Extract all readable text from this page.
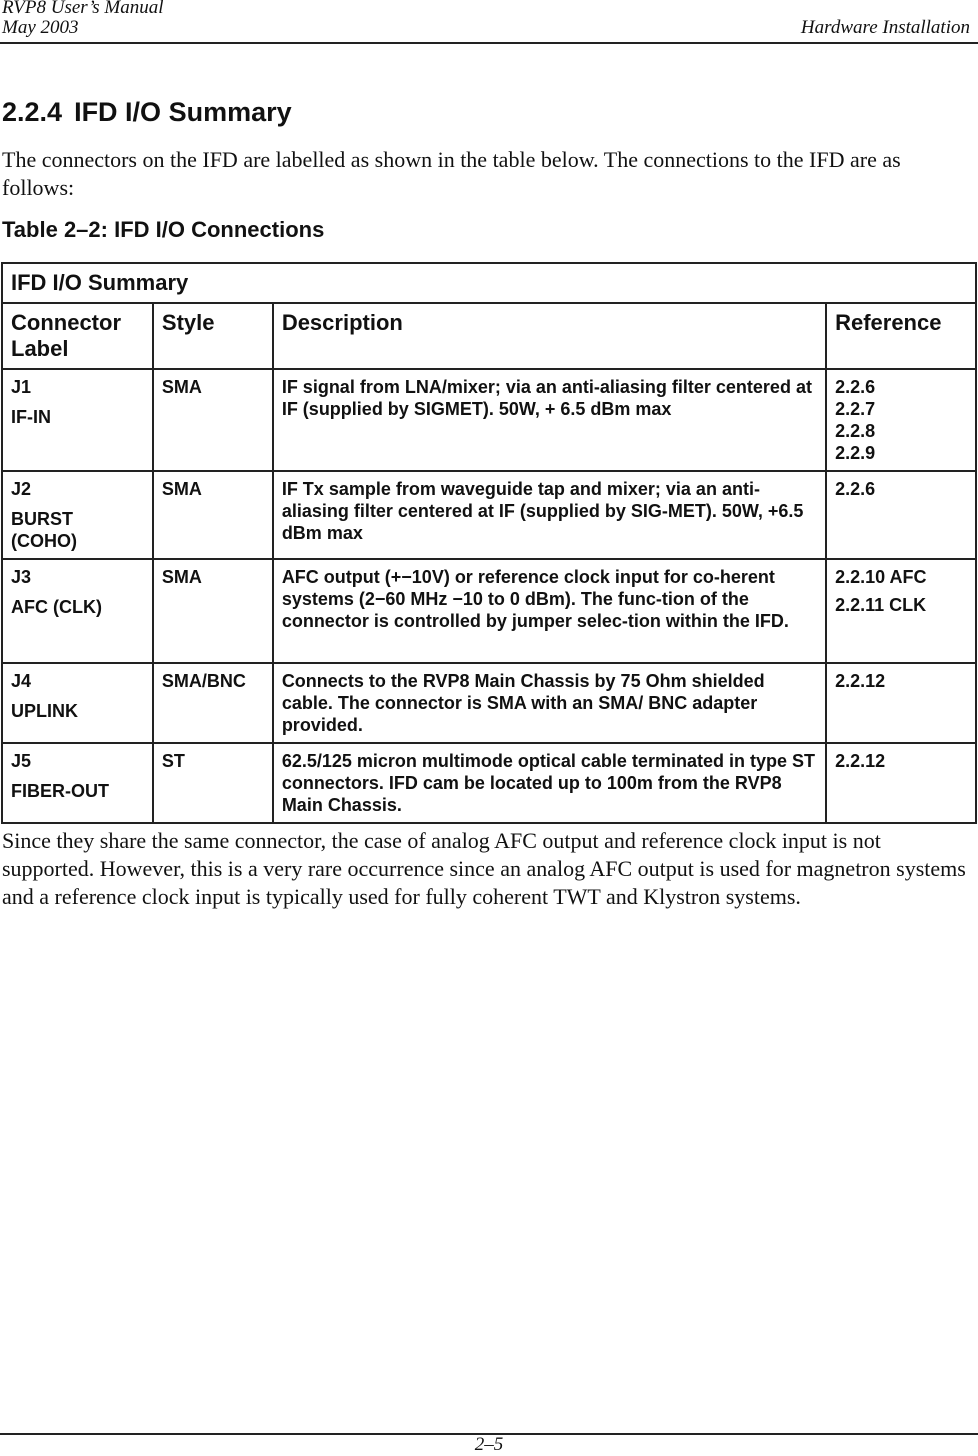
RVP8 User’s Manual
May 2003	Hardware Installation
2.2.4 IFD I/O Summary

The connectors on the IFD are labelled as shown in the table below. The connections to the IFD are as follows:

Table 2–2: IFD I/O Connections

IFD I/O Summary			
Connector Label	Style	Description	Reference

J1
IF-IN	SMA	IF signal from LNA/mixer; via an anti-aliasing filter centered at IF (supplied by SIGMET). 50W, + 6.5 dBm max	2.2.6
2.2.7
2.2.8
2.2.9

J2
BURST (COHO)	SMA	IF Tx sample from waveguide tap and mixer; via an anti-aliasing filter centered at IF (supplied by SIG-MET). 50W, +6.5 dBm max	2.2.6

J3
AFC (CLK)	SMA	AFC output (+−10V) or reference clock input for co-herent systems (2−60 MHz −10 to 0 dBm). The func-tion of the connector is controlled by jumper selec-tion within the IFD.	2.2.10 AFC
2.2.11 CLK

J4
UPLINK	SMA/BNC	Connects to the RVP8 Main Chassis by 75 Ohm shielded cable. The connector is SMA with an SMA/ BNC adapter provided.	2.2.12

J5
FIBER-OUT	ST	62.5/125 micron multimode optical cable terminated in type ST connectors. IFD cam be located up to 100m from the RVP8 Main Chassis.	2.2.12

Since they share the same connector, the case of analog AFC output and reference clock input is not supported. However, this is a very rare occurrence since an analog AFC output is used for magnetron systems and a reference clock input is typically used for fully coherent TWT and Klystron systems.

2–5
